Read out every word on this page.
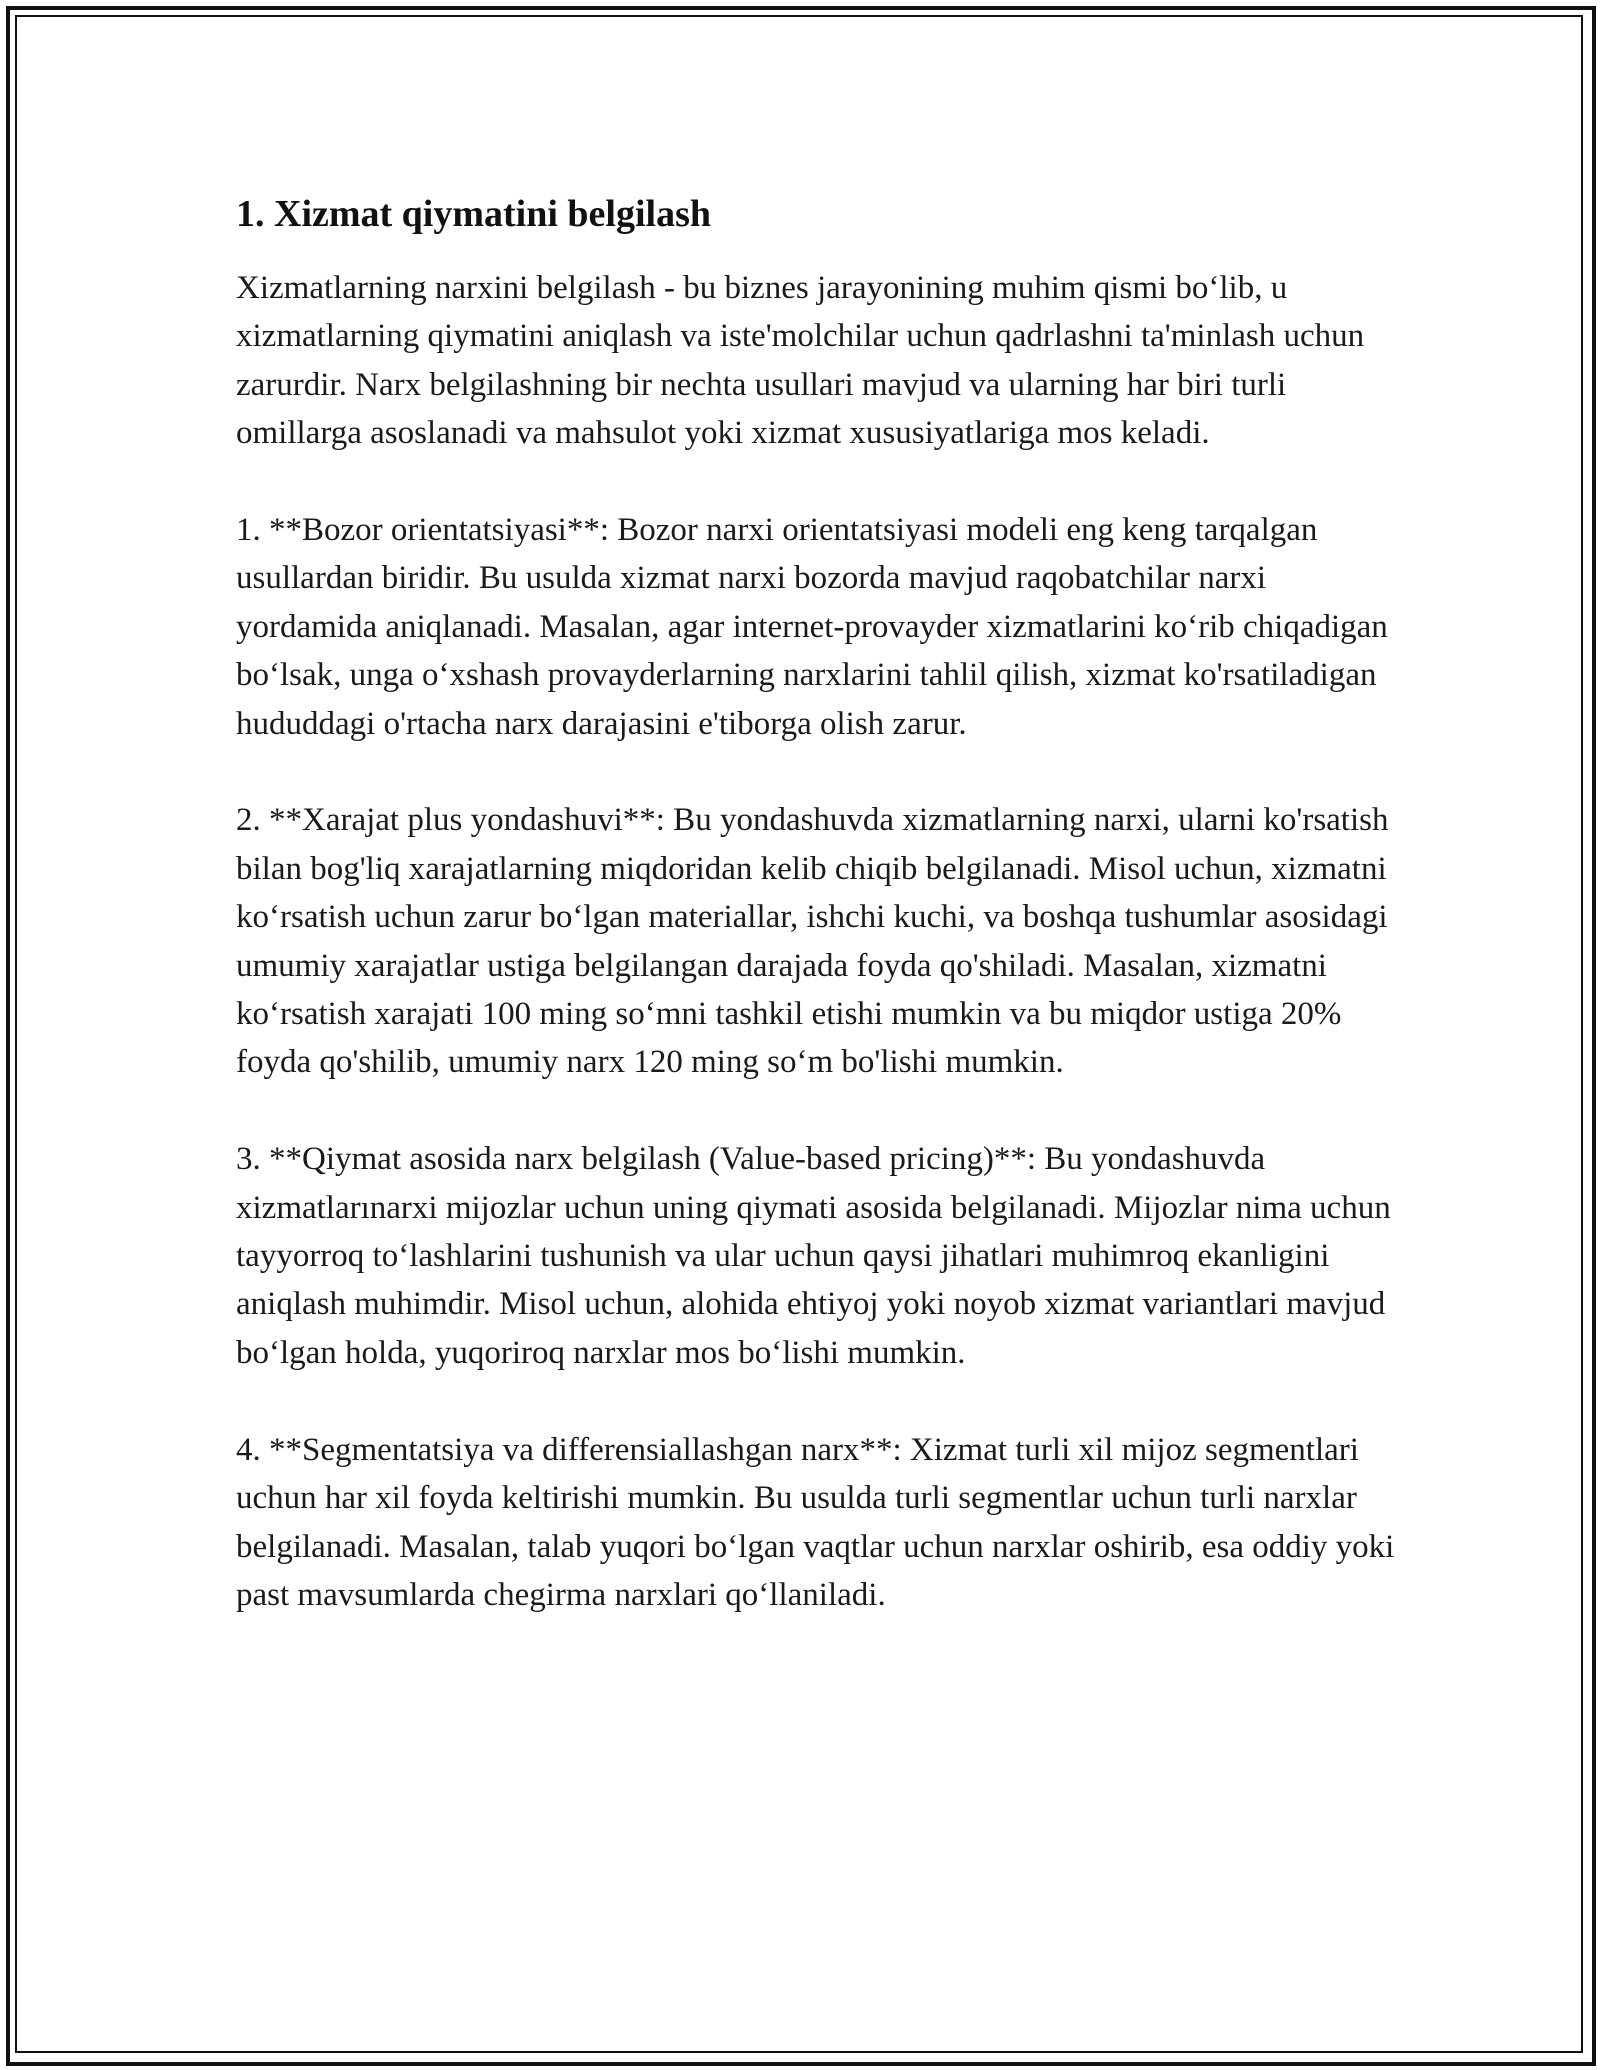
1. Xizmat qiymatini belgilash

Xizmatlarning narxini belgilash - bu biznes jarayonining muhim qismi bo‘lib, u xizmatlarning qiymatini aniqlash va iste'molchilar uchun qadrlashni ta'minlash uchun zarurdir. Narx belgilashning bir nechta usullari mavjud va ularning har biri turli omillarga asoslanadi va mahsulot yoki xizmat xususiyatlariga mos keladi.

1. **Bozor orientatsiyasi**: Bozor narxi orientatsiyasi modeli eng keng tarqalgan usullardan biridir. Bu usulda xizmat narxi bozorda mavjud raqobatchilar narxi yordamida aniqlanadi. Masalan, agar internet-provayder xizmatlarini ko‘rib chiqadigan bo‘lsak, unga o‘xshash provayderlarning narxlarini tahlil qilish, xizmat ko'rsatiladigan hududdagi o'rtacha narx darajasini e'tiborga olish zarur.

2. **Xarajat plus yondashuvi**: Bu yondashuvda xizmatlarning narxi, ularni ko'rsatish bilan bog'liq xarajatlarning miqdoridan kelib chiqib belgilanadi. Misol uchun, xizmatni ko‘rsatish uchun zarur bo‘lgan materiallar, ishchi kuchi, va boshqa tushumlar asosidagi umumiy xarajatlar ustiga belgilangan darajada foyda qo'shiladi. Masalan, xizmatni ko‘rsatish xarajati 100 ming so‘mni tashkil etishi mumkin va bu miqdor ustiga 20% foyda qo'shilib, umumiy narx 120 ming so‘m bo'lishi mumkin.

3. **Qiymat asosida narx belgilash (Value-based pricing)**: Bu yondashuvda xizmatlarınarxi mijozlar uchun uning qiymati asosida belgilanadi. Mijozlar nima uchun tayyorroq to‘lashlarini tushunish va ular uchun qaysi jihatlari muhimroq ekanligini aniqlash muhimdir. Misol uchun, alohida ehtiyoj yoki noyob xizmat variantlari mavjud bo‘lgan holda, yuqoriroq narxlar mos bo‘lishi mumkin.

4. **Segmentatsiya va differensiallashgan narx**: Xizmat turli xil mijoz segmentlari uchun har xil foyda keltirishi mumkin. Bu usulda turli segmentlar uchun turli narxlar belgilanadi. Masalan, talab yuqori bo‘lgan vaqtlar uchun narxlar oshirib, esa oddiy yoki past mavsumlarda chegirma narxlari qo‘llaniladi.
